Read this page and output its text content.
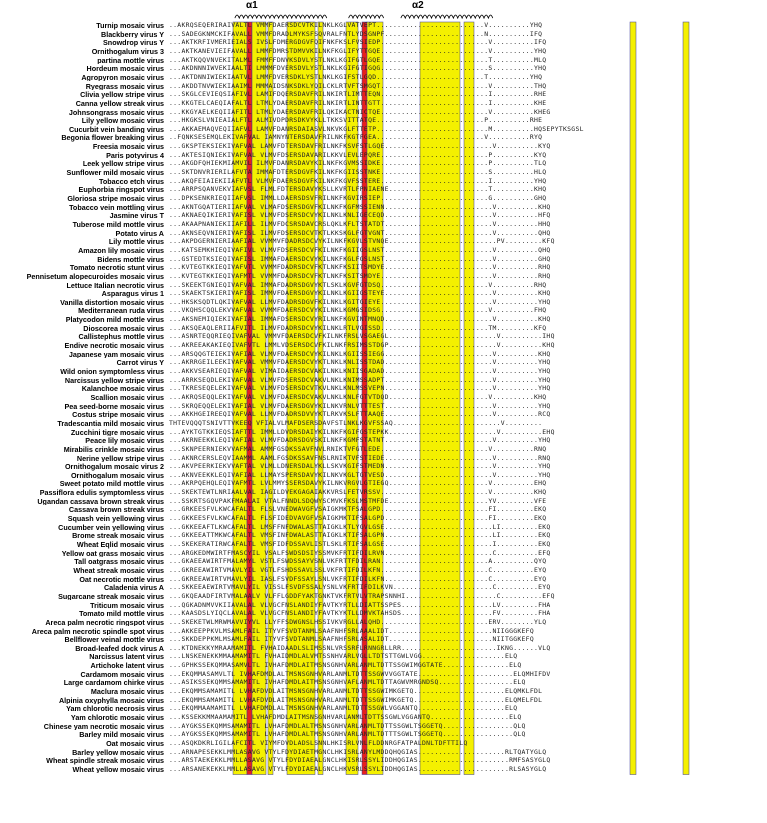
α1	α2
Turnip mosaic virus ..AKRQSEQERIRAIVALTL VMMFDAERSDCVTKILNKLKGLVATVEPT..........................V..........YHQ
Blackberry virus Y ...SADEGKNMCKIFAVALL VMMFDRADLMYKSFSQVRALFNTLYDSGNPF........................N..........IFQ
Snowdrop virus Y ...AKTKRFIVMERIEIALS IVSLFDMERGDGVFQIFNKFKSLFVSIEDP..........................V..........IFQ
Ornithogalum virus 3 ...AKTKANEVIEIFAVALL LMMFDMRSTDMVVKILNKFKGLIFYTTGQE..........................V..........YHQ
partina mottle virus ...AKTKQQVNVEKITALML FMMFFDNVKSDVLYSTLNKLKGIFGTLGQE..........................T..........MLQ
Hordeum mosaic virus ...AKDNNNIWVEKIAALTI LMMMFDVERSDVLYSTLNKLKGIFGTIGQG..........................S..........YHQ
Agropyron mosaic virus ...AKTDNNIWIEKIAATVL LMMFDVERSDKLYSTLNKLKGIFSTLGQD..........................T..........YHQ
Ryegrass mosaic virus ...AKDDTNVWIEKIAAIML MMMAIDSNKSDKLYQILCKLRTVFTSMGQT..........................V..........THQ
Clivia yellow stripe virus ...SKGLCEVIEQSIAFIVL LAMIFDQERSDAVFRILNKIRTLIMTTEQN..........................I..........RHE
Canna yellow streak virus ...KKGTELCAEQIAFALTL LTMLYDAERSDAVFRILNKIRTLINTTGTT..........................I..........KHE
Johnsongrass mosaic virus ...KKGYAELKEQIIAFITL LTMLYDAERSDAVFRILQKIKACTNICTQE..........................V..........KHEG
Lily yellow mosaic virus ...HKGKSLVNIEAIALFTL ALMIVDPDRSDKVYKLLTKKSVITTATQE..........................P..........RHE
Cucurbit vein banding virus ...AKKAEMAQVEQIIAFVL LAMVFDANRSDAIASVLNKVKGLFTTETP...........................M..........HQSEPYTKSGSL
Begonia flower breaking virus ..FQNKSESEMQLEKIVAFVAL IAMNYNTERSDAVFRILNKFKGTFGEA..........................V..........RYQ
Freesia mosaic virus ...GKSPTEKSIEKIVAFVAL LAMVFDTERSDAVFRILNKFKSVFSTLGQE..........................V..........KYQ
Paris potyvirus 4 ...AKTESIQNIEKIVAFVAL VLMVFDSERSDAVARILKKVLEVLEPQRE..........................P..........KYQ
Leek yellow stripe virus ...AKGDFQHIEKMIAMVIL ILMVFDANRSDAVYKILNKFKGVMSSIDKE..........................P..........TLQ
Sunflower mild mosaic virus ...SKTDNVRIERILAFVTA IMMAFDTERSDGVFKILNKFKGIISSTNKE..........................S..........HLQ
Tobacco etch virus ...AKQFEIAIEKIIAFVTL VLMVFDAERSDGVFKILNKFKGVFSSTERE..........................I..........YHQ
Euphorbia ringspot virus ...ARRPSQANVEKVIAFVSL FLMLFDTERSDAVYKSLLKVRTLFPNIAENE........................T..........KHQ
Gloriosa stripe mosaic virus ...DPKSENKRIEQIIAFVSL IMMLLDAERSDSVFRILNKFKGVIRSIEP..........................G..........GHQ
Tobacco vein mottling virus ...AKNTGQATIERIIAFVAL VLMAFDSERSDGVFKILNKFKGFMSSIENN..........................V..........KHQ
Jasmine virus T ...AKNAEQIKIERIVAFISL VLMVFDSERSDCVYKILNKLKNLIGECEQD..........................V..........HFQ
Tuberose mild mottle virus ...AKAAPNANIEKIIAFILL ILMVFDCSRSDAVCRSLQKLKFLTSTATDT..........................V..........HHQ
Potato virus A ...AKNSEQVNIERIVAFISL ILMVFDSERSDCVTKTLKKSKGLFGTVGNT..........................V..........QHQ
Lily mottle virus ...AKPDGERNIERIAAFIAL VVMMVFDADRSDCVYKILNKFKGVLSTVNQE..........................PV.........KFQ
Amazon lily mosaic virus ...KATSEMKHIEQIVAFIVL VLMVFDSERSDCVFKILNKFKGIIGSLNST..........................V..........QHQ
Bidens mottle virus ...GSTEDTKSIEQIVAFISL IMMAFDAERSDCVYKILNKFKGLFGSLNST..........................V..........GHQ
Tomato necrotic stunt virus ...KVTEGTKKIEQIVAFVTL VVMMFDADRSDCVFKTLNKFKSIITSMDYE..........................V..........RHQ
Pennisetum alopecuroides mosaic virus ...KVTEGTKKIEQIVAFMTL VVMMFDADRSDCVFKTLNKFKSITSMDYE...........................V..........RHQ
Lettuce Italian necrotic virus ...SKEEKTGNIEQIVAFVAL IMMAFDADRSDGVYKTLSKLKGVFGTDSQ..........................V..........RHQ
Asparagus virus 1 ...SKAEKTSKIERIVAFISL IMMVFDAERSDGVYKILNKLKGIIGSTEYE..........................V..........KHQ
Vanilla distortion mosaic virus ...HKSKSQDTLQKIVAFVAL LLMVFDADRSDGVFKILNKLKGITGIEYE...........................V..........YHQ
Mediterranean ruda virus ...VKQHSCQQLEKVVAFVAL VVMMFDAERSDCVYKILNKLKGMGSIDSG..........................V..........FHQ
Platycodon mild mottle virus ...AKSNEMIQIEKIVAFIAL IMMAFDSERSDCVYRILNKFKGVINTMNQD..........................V..........KHQ
Dioscorea mosaic virus ...AKSQEAQLERIIAFVITL ILMVFDADRSDCVYKILNKLRTLVGISSD..........................TM.........KFQ
Callistephus mottle virus ...ASNRTEQQRIEQIVAFVAL VMMVFDAERSDCVFKILNKFRSLVSGAEGL..........................V..........IHQ
Endive necrotic mosaic virus ...AKREEAKAKIEQIVAFVTL LMMLVDSERSDCVFKILNKFRSIMSSTDGP..........................V..........KHQ
Japanese yam mosaic virus ...ARSQQGTEIEKIVAFIAL VLMVFDAERSDCVYKILNKLKGIISSIEGG..........................V..........KHQ
Carrot virus Y ...AKRRGEILEEKIVAFVAL VMMVFDAERSDCVYKTLNKLKNLISSTDAD..........................V..........YHQ
Wild onion symptomless virus ...AKKVSEARIEQIVAFVAL VIMAIDAERSDCVAKILNKLKNIISGADAD..........................V..........YHQ
Narcissus yellow stripe virus ...ARRKSEQDLEKIVAFVAL VLMVFDSERSDCVAKVLNKLKNIMSSADPT..........................V..........YHQ
Kalanchoe mosaic virus ...TKRESEQELEKIVAFVAL VLMVFDSERSDCVTKVLNKLKNLMSSVEPN..........................V..........YHQ
Scallion mosaic virus ...AKRQSEQQLEKIVAFVAL VLMVFDAERSDCVAKVLNKLKNLFGTVTDQD........................V..........KHQ
Pea seed-borne mosaic virus ...SKRQEQQELEKIVAFIAL VLMVFDAERSDGVYKILNKVRNLVTTTEST..........................V..........YHQ
Costus stripe mosaic virus ...AKKHGEIREEQIVAFVAL LLMVFDADRSDVVYKTLRKVKSLFTTAAQE..........................V..........RCQ
Tradescantia mild mosaic virus THTEVQQQTSNIVTTVKEEQ VFIALVLMAFDSERSDAVFSTLNKLKGVFSSAQ..........................V.........
Zucchini tigre mosaic virus ...AYKTGTKKIEQSIAFTTL IMMLLDVDRSDAIYKILNKFKGIFGSTEPKK..........................V..........EHQ
Peace lily mosaic virus ...AKRNEEKKLEQIVAFIAL VLMVFDADRSDGVSKILNKFKGMFSTATNT..........................V..........YHQ
Mirabilis crinkle mosaic virus ...SKNPEERNIEKVVAFMAL AMMFGSDKSSAVFNVLRNIKTVFGTLEDE..........................V..........RNQ
Nerine yellow stripe virus ...AKNRCERSLEQVIAAMML AAMLFGSDKSSAVFNSLRNIKTVFSTIEDE..........................V..........RNQ
Ornithogalum mosaic virus 2 ...AKVPEERKIEKVVAFTAL VLMLLDNERSDALYKLLSKVKGIFSTMEDN..........................V..........YHQ
Ornithogalum mosaic virus ...AKNVEEKKLEQIVAFIAL LLMAYSPERSDAVYKILNKVKGLTGTVESD..........................V..........YHQ
Sweet potato mild mottle virus ...AKRPQEHQLEQIVAFMTL LVLMMYSSERSDAVYKILNKVRGVLGTIEGQ........................V..........EHQ
Passiflora edulis symptomless virus ...SKEKTEWTLNRIAALVAL IAGILDVEKGAGAIAKKVRSLFETVRSSV..........................V..........KHQ
Ugandan cassava brown streak virus ...SSKRTSGQVPAKFMAALAI VTALFNNDLSDQWYSCMVKFKSLMSTMFDE........................YV.........VFE
Cassava brown streak virus ...GRKEESFVLKWCAFALTL FLSLVNEDWAVGFVSAIGKMKTFSALGPD..........................FI.........EKQ
Squash vein yellowing virus ...GKKEESFVLKWCAFALTL FLSFIDEDVAVGFVSAIGKMKTIFSALGPD.........................FI.........EKQ
Cucumber vein yellowing virus ...GKKEEAFTLKWCAFALTL LMSFFNFDWALASTTAIGKLKTLYGVLGSE..........................LI.........EKQ
Brome streak mosaic virus ...GKKEEATTMKWCAFALTL VMSFINFDWALASTTAIGKLKTIFSALGPN..........................LI.........EKQ
Wheat Eqlid mosaic virus ...SKEKERATIRWCAFALTL VMSFIDFDSSAVLISTLSKLRTIFSALGSE..........................I..........EKQ
Yellow oat grass mosaic virus ...ARGKEDMWIRTFMASCYIL VSALFSWDSDSIYSSMVKFRTIFDILRVN..........................C..........EFQ
Tall oatgrass mosaic virus ...GKAEEAWIRTFMALAMYL VSTLFSWDSSAYVSNLVKFRTTFDILRAN..........................A..........QYQ
Wheat streak mosaic virus ...GKREEAWIRTVMAVLYIL VGTLFSHDSSAVLSSLVKFRTIFDILKFN..........................C..........EYQ
Oat necrotic mottle virus ...GKREEAWIRTVMAVLYIL IASLFSVDFSSAYLSNLVKFRTIFDILKFN.........................C..........EYQ
Caladenia virus A ...SKKEEAEWIRTVMAVLYIL VISSLFSVDFSSALYSNLVKFRTIFDILKVN........................C..........EYQ
Sugarcane streak mosaic virus ...GKQEAADFIRTVMALAALV VLFFLGDDFYAKTGNKTVKFRTVLVTRAPSNNHI......................C..........EFQ
Triticum mosaic virus ...QGKADNMVVKIIAVALAL VLVGCFNSLANDIYFAVTKYRTLLDIATTSSPES......................LV.........FHA
Tomato mild mottle virus ...KAASDSLYIQCLAVALAL VLVGCFNSLANDIYFAVTKYKTLLDMVKTAHSDS......................FV.........FHA
Areca palm necrotic ringspot virus ...SKEKETWLMRWMAVVIYVL LLYFFSDWGNSLHSSIVKVRGLLALQHD..........................ERV........YLQ
Areca palm necrotic spindle spot virus ...AKKEEPPKVLMSAMLFAIL ITYVFSVDTANMLSAAFNHFSRLAAALIDT.........................NIIGGGKEFQ
Bellflower veinal mottle virus ...SKKDEPPKMLMSAMLFAIL ITYVFSVDTANMLSAAFNHFSRLASALIDT.........................NIITGGKEFQ
Broad-leafed dock virus A ...KTDNEKKYMRAAMAMITL FVHAIDAADLSLIMSSNLVRSSRFLRNNGRLLRR.......................IKNG......VLQ
Narcissus latent virus ...LNSKENEKKMMAAMAMITL FVHAIDMDLALVMTSSNHVARLVGLLTDTSTTGWLVGG....................ELQ
Artichoke latent virus ...GPHKSSEKQMMASAMVLTL IVHAFDMDLAITMSNSGNHVARLANMLTDTTSSGWIMGGTATE................ELQ
Cardamom mosaic virus ...EKQMMASAMVLTL IVHAFDMDLALTMSNSGNHVARLANMLTDTTSSGWVVGGTATE.......................ELQMHIFDV
Large cardamom chirke virus ...ASIKSSEKQMMSAMAMITL IVHAFDMDLAITMSNSGNHVAFLANMLTDTTAGWVMRGNDSQ..................ELQ
Maclura mosaic virus ...EKQMMSAMAMITL LVHAFDVDLAITMSNSGNHVARLANMLTDTTSSGWIMKGETQ......................ELQMKLFDL
Alpinia oxyphylla mosaic virus ...EKQMMSAMAMITL LVHAFDVDLAITMSNSGNHVARLANMLTDTTSSGWIMKGETQ......................ELQMELFDL
Yam chlorotic necrosis virus ...EKQMMAAMAMITL LVHAFDMDLALTMSNSGNHVARLANMLTDTTSSGWLVGGANTQ.....................ELQ
Yam chlorotic mosaic virus ...KSSEKKMMAAMAMITL LVHAFDMDLAITMSNSGNHVARLANMLTDTTSSGWLVGGANTQ...................ELQ
Chinese yam necrotic mosaic virus ...AYGKSSEKQMMSAMAMITL LVHAFDMDLALTMSNSGNHVARLANMLTDTTSSGWLTSGGETQ.................QLQ
Barley mild mosaic virus ...AYGKSSEKQMMSAMAMITL LVHAFDMDLALTMSNSGNHVARLANMLTDTTTSGWLTSGGETQ.................QLQ
Oat mosaic virus ...ASQKDKRLIGILAFCITL VIYMFDVDLADSLSNNLHKISRLVNLFLDDNRGFATPALDNLTDFTTILQ
Barley yellow mosaic virus ...ARNAPESEKKLMMLASAVG VTYLFDYDIAETMGNCLHKISRLANYLMDDQHQGIAS.....................RLTQATYGLQ
Wheat spindle streak mosaic virus ...ARSTAEKEKKLMMLLASAVG VTYLFDYDIAEALGNCLHKISRLSSYLIDDHQGIAS......................RMFSASYGLQ
Wheat yellow mosaic virus ...ARSANEKEKKLMMLLASAVG VTYLFDYDIAEALGNCLHKVSRLSSYLIDDHQGIAS......................RLSASYGLQ
